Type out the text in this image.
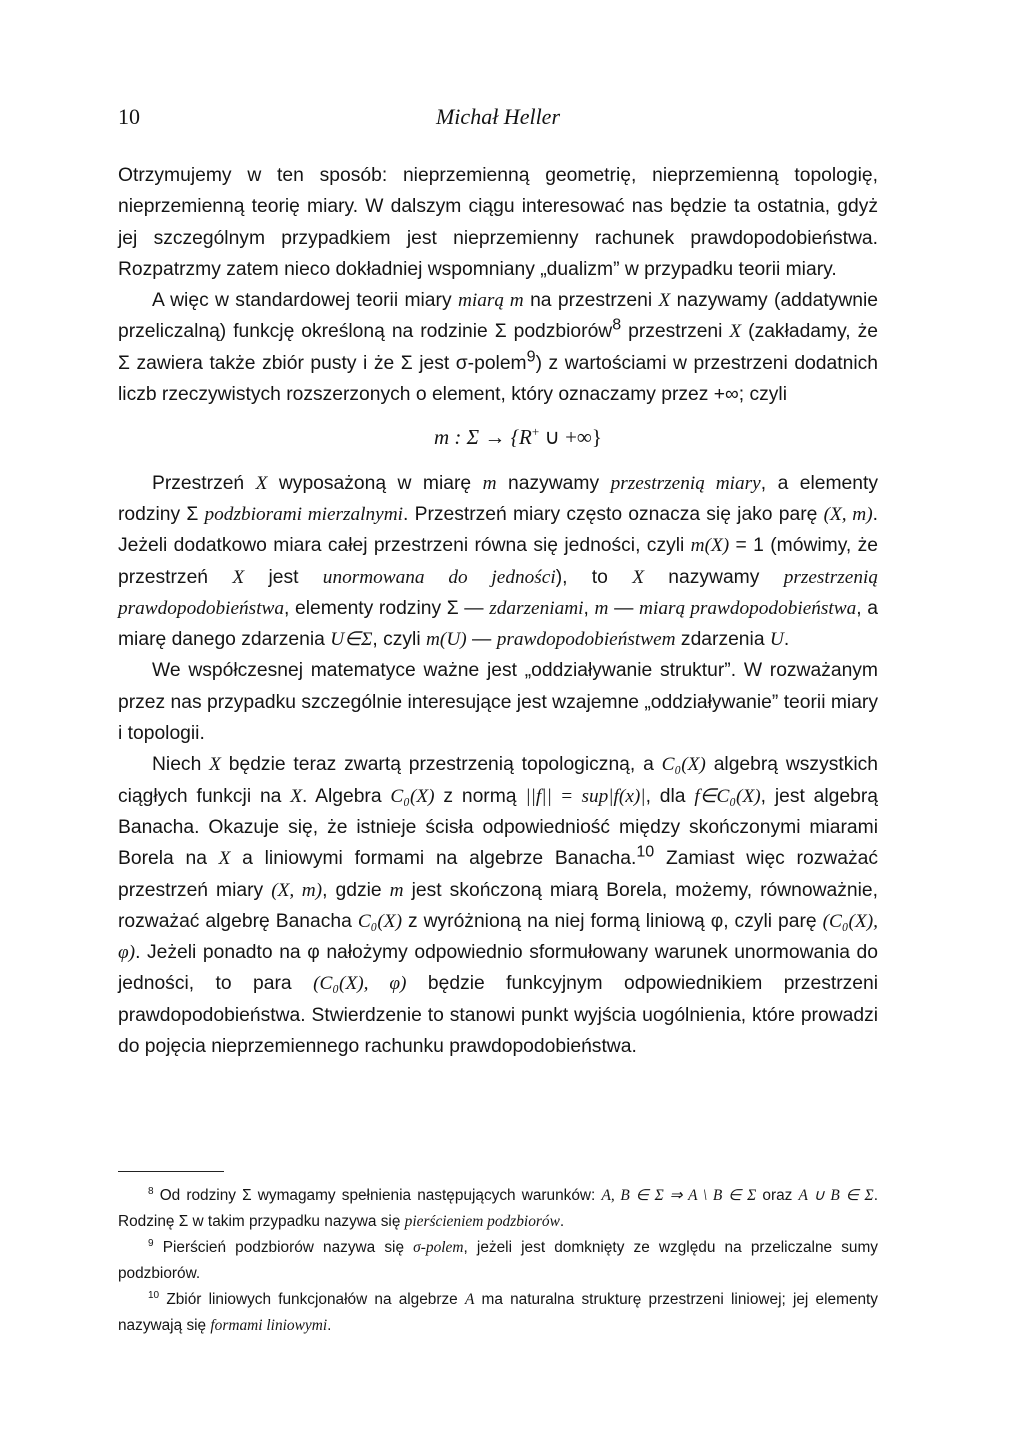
10	Michał Heller

Otrzymujemy w ten sposób: nieprzemienną geometrię, nieprzemienną topologię, nieprzemienną teorię miary. W dalszym ciągu interesować nas będzie ta ostatnia, gdyż jej szczególnym przypadkiem jest nieprzemienny rachunek prawdopodobieństwa. Rozpatrzmy zatem nieco dokładniej wspomniany „dualizm” w przypadku teorii miary.

A więc w standardowej teorii miary miarą m na przestrzeni X nazywamy (addatywnie przeliczalną) funkcję określoną na rodzinie Σ podzbiorów$^8$ przestrzeni X (zakładamy, że Σ zawiera także zbiór pusty i że Σ jest σ-polem$^9$) z wartościami w przestrzeni dodatnich liczb rzeczywistych rozszerzonych o element, który oznaczamy przez +∞; czyli

m : Σ → {R+ ∪ +∞}

Przestrzeń X wyposażoną w miarę m nazywamy przestrzenią miary, a elementy rodziny Σ podzbiorami mierzalnymi. Przestrzeń miary często oznacza się jako parę (X, m). Jeżeli dodatkowo miara całej przestrzeni równa się jedności, czyli m(X) = 1 (mówimy, że przestrzeń X jest unormowana do jedności), to X nazywamy przestrzenią prawdopodobieństwa, elementy rodziny Σ — zdarzeniami, m — miarą prawdopodobieństwa, a miarę danego zdarzenia U∈Σ, czyli m(U) — prawdopodobieństwem zdarzenia U.

We współczesnej matematyce ważne jest „oddziaływanie struktur”. W rozważanym przez nas przypadku szczególnie interesujące jest wzajemne „oddziaływanie” teorii miary i topologii.

Niech X będzie teraz zwartą przestrzenią topologiczną, a C₀(X) algebrą wszystkich ciągłych funkcji na X. Algebra C₀(X) z normą ||f|| = sup|f(x)|, dla f∈C₀(X), jest algebrą Banacha. Okazuje się, że istnieje ścisła odpowiedniość między skończonymi miarami Borela na X a liniowymi formami na algebrze Banacha.$^{10}$ Zamiast więc rozważać przestrzeń miary (X, m), gdzie m jest skończoną miarą Borela, możemy, równoważnie, rozważać algebrę Banacha C₀(X) z wyróżnioną na niej formą liniową φ, czyli parę (C₀(X), φ). Jeżeli ponadto na φ nałożymy odpowiednio sformułowany warunek unormowania do jedności, to para (C₀(X), φ) będzie funkcyjnym odpowiednikiem przestrzeni prawdopodobieństwa. Stwierdzenie to stanowi punkt wyjścia uogólnienia, które prowadzi do pojęcia nieprzemiennego rachunku prawdopodobieństwa.

$^8$ Od rodziny Σ wymagamy spełnienia następujących warunków: A, B ∈ Σ ⇒ A \ B ∈ Σ oraz A ∪ B ∈ Σ. Rodzinę Σ w takim przypadku nazywa się pierścieniem podzbiorów.

$^9$ Pierścień podzbiorów nazywa się σ-polem, jeżeli jest domknięty ze względu na przeliczalne sumy podzbiorów.

$^{10}$ Zbiór liniowych funkcjonałów na algebrze A ma naturalna strukturę przestrzeni liniowej; jej elementy nazywają się formami liniowymi.
